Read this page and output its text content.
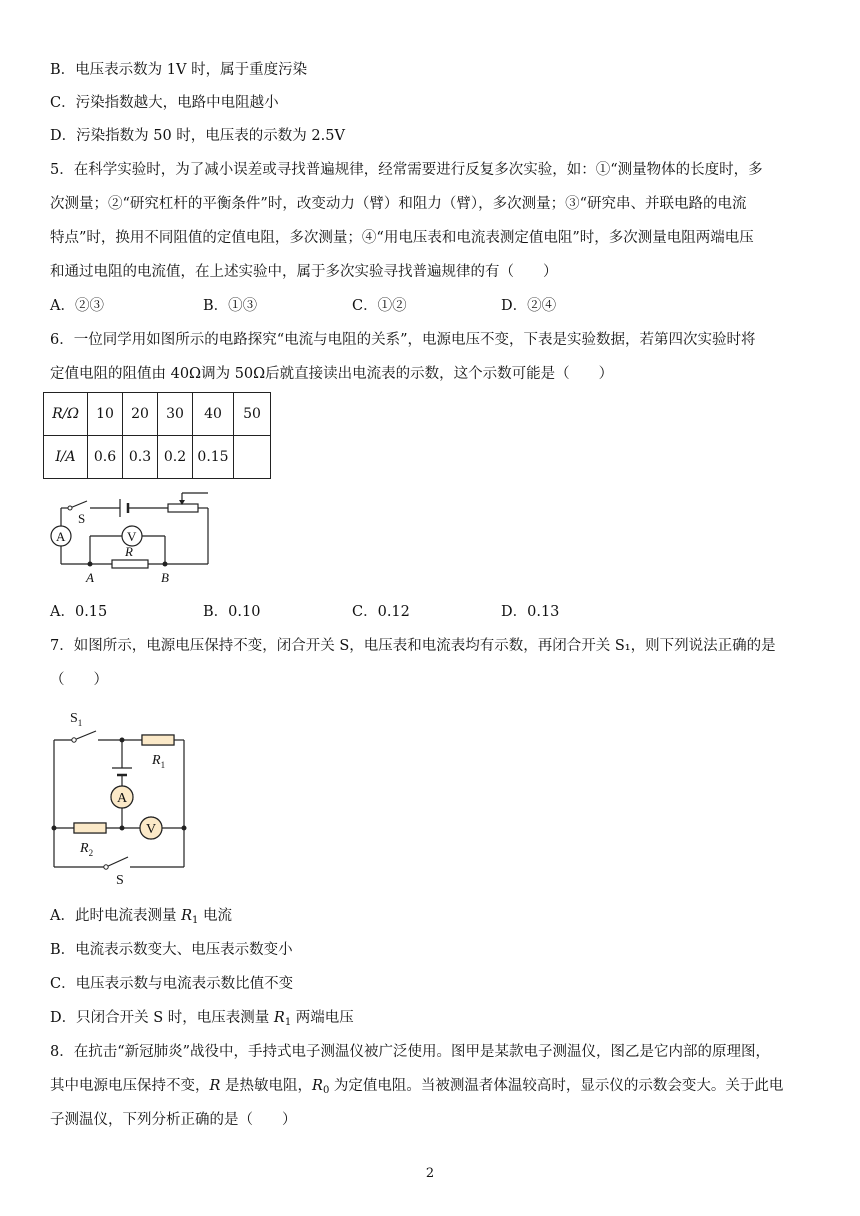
B．电压表示数为 1V 时，属于重度污染
C．污染指数越大，电路中电阻越小
D．污染指数为 50 时，电压表的示数为 2.5V
5．在科学实验时，为了减小误差或寻找普遍规律，经常需要进行反复多次实验，如：①“测量物体的长度时，多
次测量；②“研究杠杆的平衡条件”时，改变动力（臂）和阻力（臂），多次测量；③“研究串、并联电路的电流
特点”时，换用不同阻值的定值电阻，多次测量；④“用电压表和电流表测定值电阻”时，多次测量电阻两端电压
和通过电阻的电流值，在上述实验中，属于多次实验寻找普遍规律的有（　　）
A．②③	B．①③	C．①②	D．②④
6．一位同学用如图所示的电路探究“电流与电阻的关系”，电源电压不变，下表是实验数据，若第四次实验时将
定值电阻的阻值由 40Ω调为 50Ω后就直接读出电流表的示数，这个示数可能是（　　）
R/Ω	10	20	30	40	50
I/A	0.6	0.3	0.2	0.15	
S
A	V
R
A	B
A．0.15	B．0.10	C．0.12	D．0.13
7．如图所示，电源电压保持不变，闭合开关 S，电压表和电流表均有示数，再闭合开关 S₁，则下列说法正确的是
（　　）
$S_1$
$R_1$
A
V
$R_2$
S
A．此时电流表测量 $R_1$ 电流
B．电流表示数变大、电压表示数变小
C．电压表示数与电流表示数比值不变
D．只闭合开关 S 时，电压表测量 $R_1$ 两端电压
8．在抗击“新冠肺炎”战役中，手持式电子测温仪被广泛使用。图甲是某款电子测温仪，图乙是它内部的原理图，
其中电源电压保持不变，R 是热敏电阻，$R_0$ 为定值电阻。当被测温者体温较高时，显示仪的示数会变大。关于此电
子测温仪，下列分析正确的是（　　）
2
